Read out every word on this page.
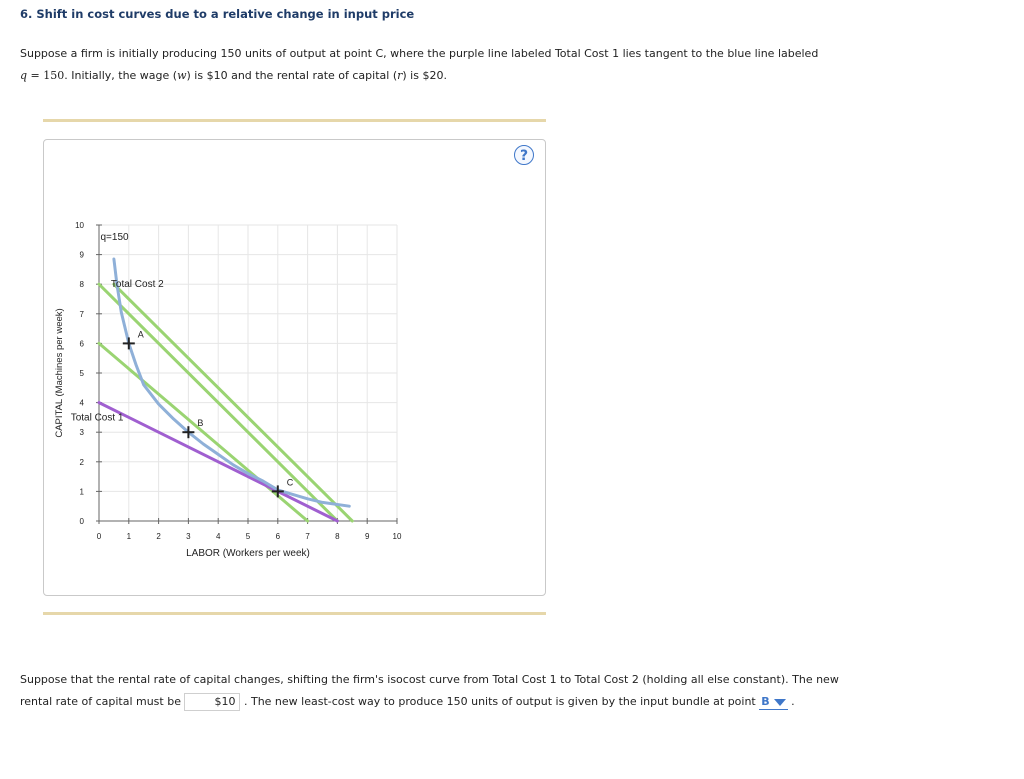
6. Shift in cost curves due to a relative change in input price
Suppose a firm is initially producing 150 units of output at point C, where the purple line labeled Total Cost 1 lies tangent to the blue line labeled
q = 150. Initially, the wage (w) is $10 and the rental rate of capital (r) is $20.
?
0	1	2	3	4	5	6	7	8	9	10
0
1
2
3
4
5
6
7
8
9
10
LABOR (Workers per week)
CAPITAL (Machines per week)	A
B
C
q=150
Total Cost 2
Total Cost 1
Suppose that the rental rate of capital changes, shifting the firm's isocost curve from Total Cost 1 to Total Cost 2 (holding all else constant). The new
rental rate of capital must be	$10 . The new least-cost way to produce 150 units of output is given by the input bundle at point B .
